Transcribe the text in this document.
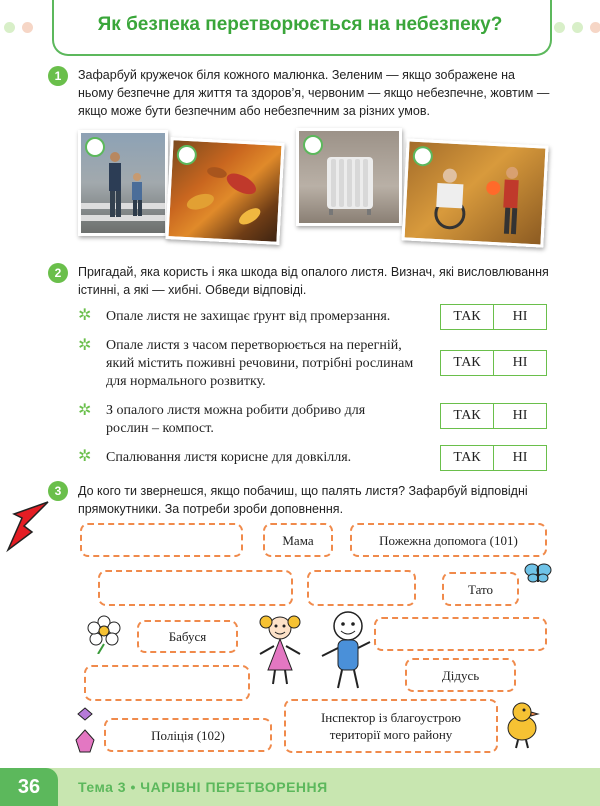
Як безпека перетворюється на небезпеку?
1	Зафарбуй кружечок біля кожного малюнка. Зеленим — якщо зображене на ньому безпечне для життя та здоров’я, червоним — якщо небезпечне, жовтим — якщо може бути безпечним або небезпечним за різних умов.
2	Пригадай, яка користь і яка шкода від опалого листя. Визнач, які висловлювання істинні, а які — хибні. Обведи відповіді.
✲ Опале листя не захищає ґрунт від промерзання.	ТАК	НІ
✲ Опале листя з часом перетворюється на перегній, який містить поживні речовини, потрібні рослинам для нормального розвитку.
ТАК	НІ
✲ З опалого листя можна робити добриво для рослин – компост.
ТАК	НІ
✲ Спалювання листя корисне для довкілля.	ТАК	НІ
3	До кого ти звернешся, якщо побачиш, що палять листя? Зафарбуй відповідні прямокутники. За потреби зроби доповнення.
Мама	Пожежна допомога (101)
Тато
Бабуся
Дідусь
Поліція (102)
Інспектор із благоустрою території мого району
36	Тема 3 • ЧАРІВНІ ПЕРЕТВОРЕННЯ
